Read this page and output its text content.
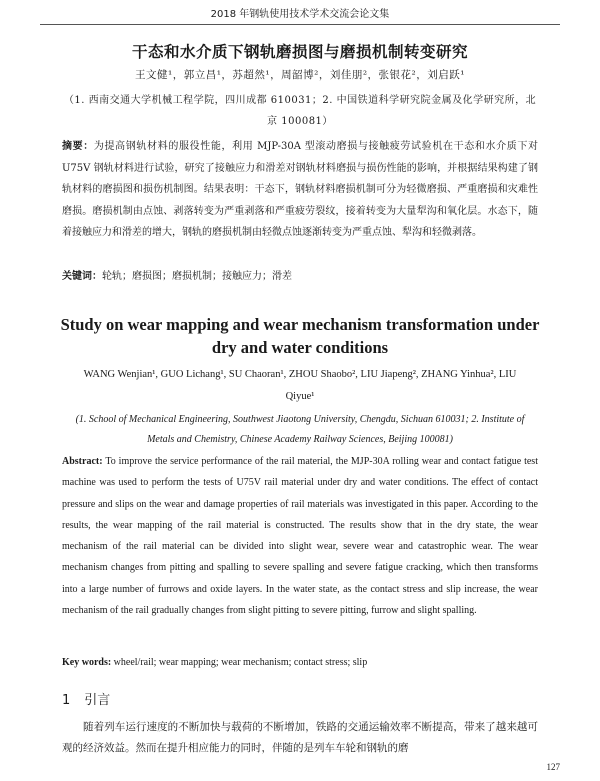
2018 年钢轨使用技术学术交流会论文集
干态和水介质下钢轨磨损图与磨损机制转变研究
王文健¹，郭立昌¹，苏超然¹，周韶博²，刘佳朋²，张银花²，刘启跃¹
（1. 西南交通大学机械工程学院，四川成都 610031；2. 中国铁道科学研究院金属及化学研究所，北京 100081）
摘要：为提高钢轨材料的服役性能，利用 MJP-30A 型滚动磨损与接触疲劳试验机在干态和水介质下对 U75V 钢轨材料进行试验，研究了接触应力和滑差对钢轨材料磨损与损伤性能的影响，并根据结果构建了钢轨材料的磨损图和损伤机制图。结果表明：干态下，钢轨材料磨损机制可分为轻微磨损、严重磨损和灾难性磨损。磨损机制由点蚀、剥落转变为严重剥落和严重疲劳裂纹，接着转变为大量犁沟和氧化层。水态下，随着接触应力和滑差的增大，钢轨的磨损机制由轻微点蚀逐渐转变为严重点蚀、犁沟和轻微剥落。
关键词：轮轨；磨损图；磨损机制；接触应力；滑差
Study on wear mapping and wear mechanism transformation under dry and water conditions
WANG Wenjian¹, GUO Lichang¹, SU Chaoran¹, ZHOU Shaobo², LIU Jiapeng², ZHANG Yinhua², LIU Qiyue¹
(1. School of Mechanical Engineering, Southwest Jiaotong University, Chengdu, Sichuan 610031; 2. Institute of Metals and Chemistry, Chinese Academy Railway Sciences, Beijing 100081)
Abstract: To improve the service performance of the rail material, the MJP-30A rolling wear and contact fatigue test machine was used to perform the tests of U75V rail material under dry and water conditions. The effect of contact pressure and slips on the wear and damage properties of rail materials was investigated in this paper. According to the results, the wear mapping of the rail material is constructed. The results show that in the dry state, the wear mechanism of the rail material can be divided into slight wear, severe wear and catastrophic wear. The wear mechanism changes from pitting and spalling to severe spalling and severe fatigue cracking, which then transforms into a large number of furrows and oxide layers. In the water state, as the contact stress and slip increase, the wear mechanism of the rail gradually changes from slight pitting to severe pitting, furrow and slight spalling.
Key words: wheel/rail; wear mapping; wear mechanism; contact stress; slip
1 引言
随着列车运行速度的不断加快与载荷的不断增加，铁路的交通运输效率不断提高，带来了越来越可观的经济效益。然而在提升相应能力的同时，伴随的是列车车轮和钢轨的磨
127
